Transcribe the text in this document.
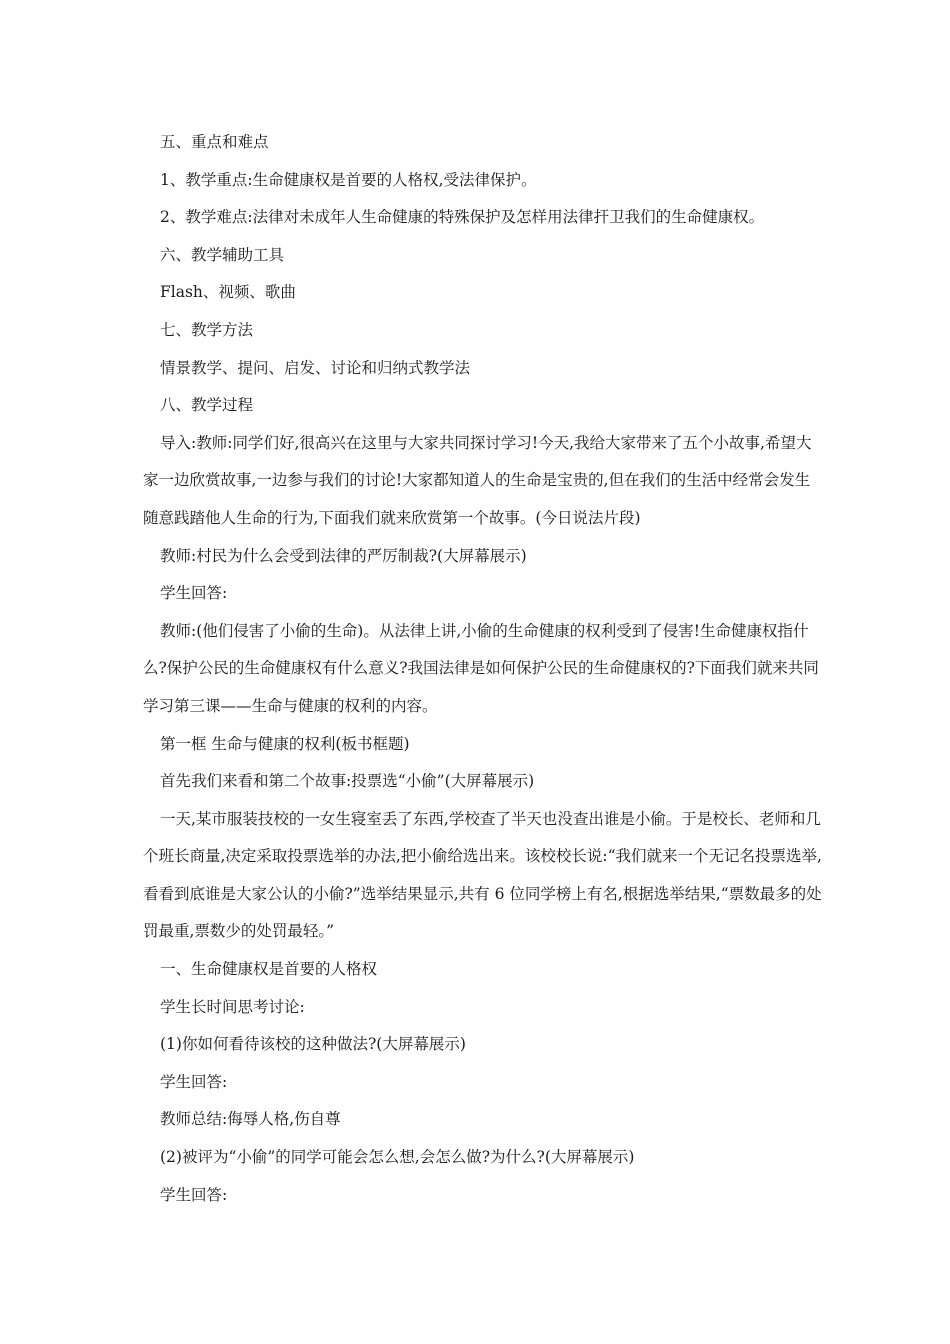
五、重点和难点

1、教学重点:生命健康权是首要的人格权,受法律保护。

2、教学难点:法律对未成年人生命健康的特殊保护及怎样用法律扞卫我们的生命健康权。

六、教学辅助工具

Flash、视频、歌曲

七、教学方法

情景教学、提问、启发、讨论和归纳式教学法

八、教学过程

导入:教师:同学们好,很高兴在这里与大家共同探讨学习!今天,我给大家带来了五个小故事,希望大家一边欣赏故事,一边参与我们的讨论!大家都知道人的生命是宝贵的,但在我们的生活中经常会发生随意践踏他人生命的行为,下面我们就来欣赏第一个故事。(今日说法片段)

教师:村民为什么会受到法律的严厉制裁?(大屏幕展示)

学生回答:

教师:(他们侵害了小偷的生命)。从法律上讲,小偷的生命健康的权利受到了侵害!生命健康权指什么?保护公民的生命健康权有什么意义?我国法律是如何保护公民的生命健康权的?下面我们就来共同学习第三课——生命与健康的权利的内容。

第一框 生命与健康的权利(板书框题)

首先我们来看和第二个故事:投票选“小偷”(大屏幕展示)

一天,某市服装技校的一女生寝室丢了东西,学校查了半天也没查出谁是小偷。于是校长、老师和几个班长商量,决定采取投票选举的办法,把小偷给选出来。该校校长说:“我们就来一个无记名投票选举,看看到底谁是大家公认的小偷?”选举结果显示,共有 6 位同学榜上有名,根据选举结果,“票数最多的处罚最重,票数少的处罚最轻。”

一、生命健康权是首要的人格权

学生长时间思考讨论:

(1)你如何看待该校的这种做法?(大屏幕展示)

学生回答:

教师总结:侮辱人格,伤自尊

(2)被评为“小偷”的同学可能会怎么想,会怎么做?为什么?(大屏幕展示)

学生回答:
